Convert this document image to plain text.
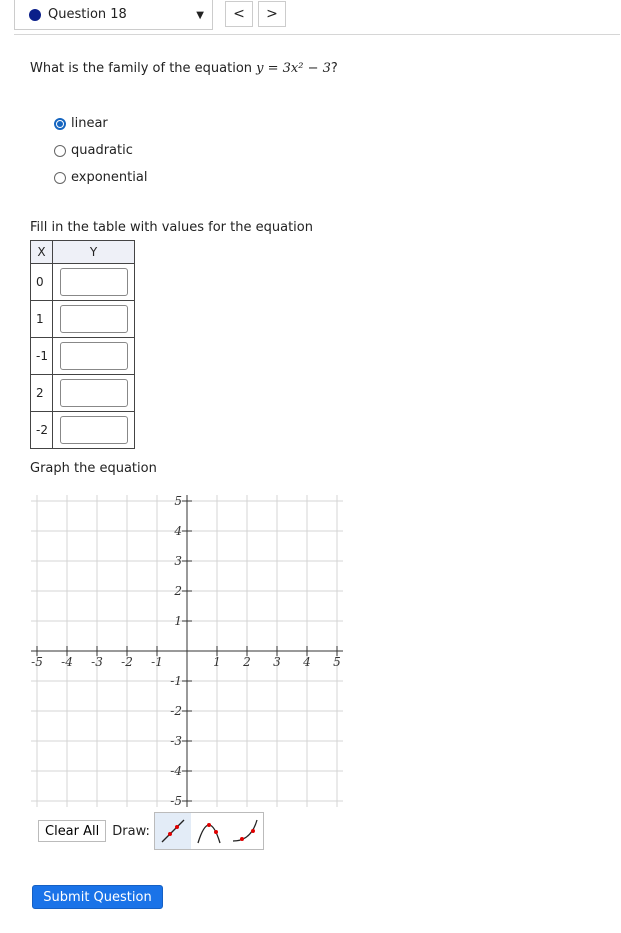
Question 18	▼	<	>
What is the family of the equation y = 3x² − 3?
linear
quadratic
exponential
Fill in the table with values for the equation
X	Y
0	
1	
-1	
2	
-2	
Graph the equation
-5 -4 -3 -2 -1	1 2 3 4 5
5
4
3
2
1
-1
-2
-3
-4
-5
Clear All	Draw:
Submit Question
